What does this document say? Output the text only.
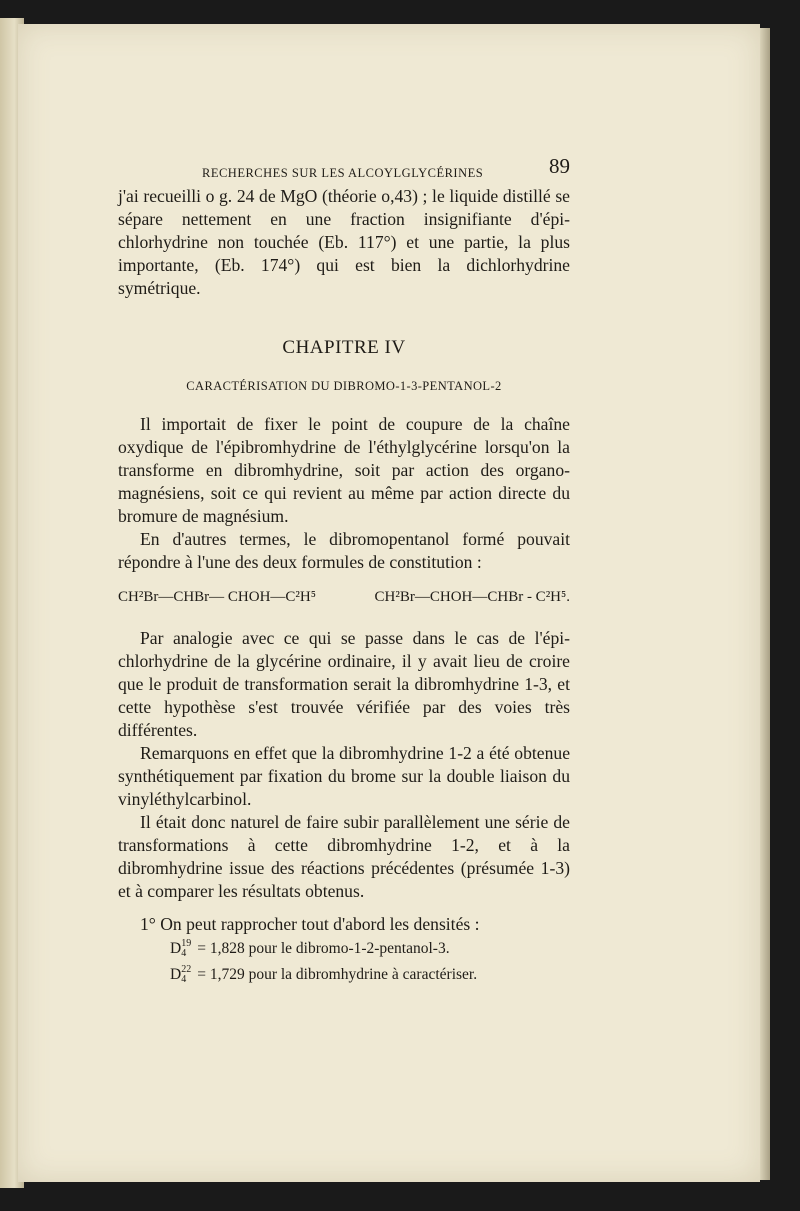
RECHERCHES SUR LES ALCOYLGLYCÉRINES	89

j'ai recueilli o g. 24 de MgO (théorie o,43) ; le liquide distillé se sépare nettement en une fraction insignifiante d'épi-chlorhydrine non touchée (Eb. 117°) et une partie, la plus importante, (Eb. 174°) qui est bien la dichlorhydrine symétrique.

CHAPITRE IV
CARACTÉRISATION DU DIBROMO-1-3-PENTANOL-2

Il importait de fixer le point de coupure de la chaîne oxydique de l'épibromhydrine de l'éthylglycérine lorsqu'on la transforme en dibromhydrine, soit par action des organo-magnésiens, soit ce qui revient au même par action directe du bromure de magnésium.

En d'autres termes, le dibromopentanol formé pouvait répondre à l'une des deux formules de constitution :

CH²Br—CHBr— CHOH—C²H⁵	CH²Br—CHOH—CHBr - C²H⁵.

Par analogie avec ce qui se passe dans le cas de l'épi-chlorhydrine de la glycérine ordinaire, il y avait lieu de croire que le produit de transformation serait la dibromhydrine 1-3, et cette hypothèse s'est trouvée vérifiée par des voies très différentes.

Remarquons en effet que la dibromhydrine 1-2 a été obtenue synthétiquement par fixation du brome sur la double liaison du vinyléthylcarbinol.

Il était donc naturel de faire subir parallèlement une série de transformations à cette dibromhydrine 1-2, et à la dibromhydrine issue des réactions précédentes (présumée 1-3) et à comparer les résultats obtenus.

1° On peut rapprocher tout d'abord les densités :

D 19
4 = 1,828 pour le dibromo-1-2-pentanol-3.
D 22
4 = 1,729 pour la dibromhydrine à caractériser.
